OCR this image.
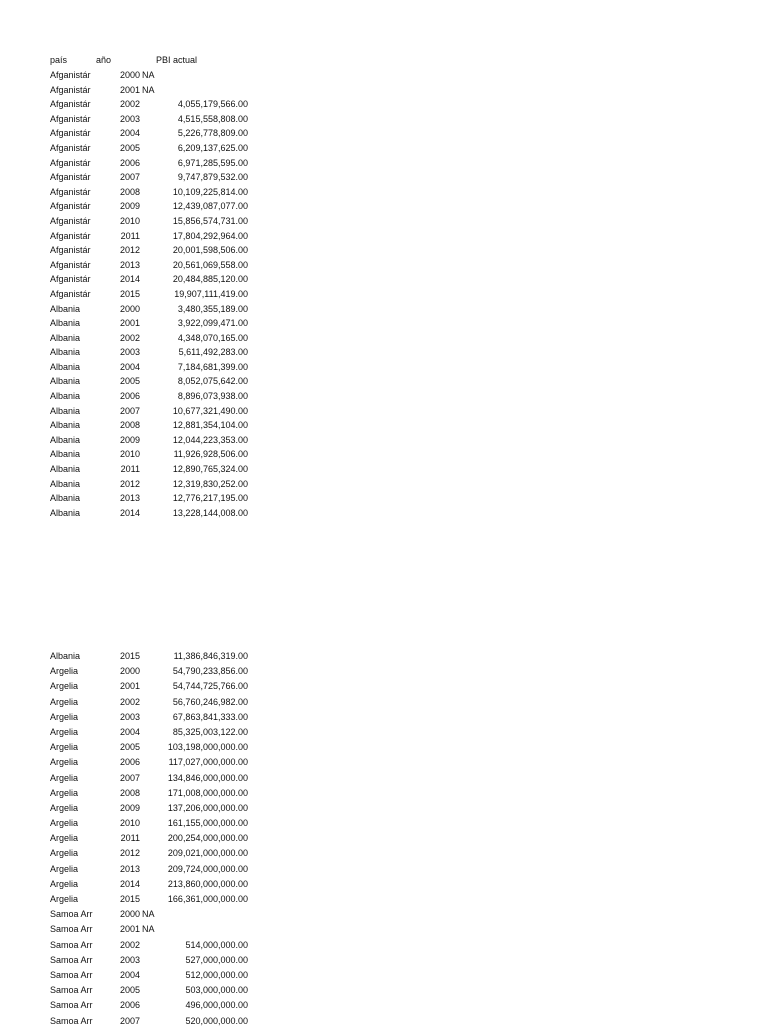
país	año	PBI actual
Afganistár	2000 NA
Afganistár	2001 NA
Afganistár	2002	4,055,179,566.00
Afganistár	2003	4,515,558,808.00
Afganistár	2004	5,226,778,809.00
Afganistár	2005	6,209,137,625.00
Afganistár	2006	6,971,285,595.00
Afganistár	2007	9,747,879,532.00
Afganistár	2008	10,109,225,814.00
Afganistár	2009	12,439,087,077.00
Afganistár	2010	15,856,574,731.00
Afganistár	2011	17,804,292,964.00
Afganistár	2012	20,001,598,506.00
Afganistár	2013	20,561,069,558.00
Afganistár	2014	20,484,885,120.00
Afganistár	2015	19,907,111,419.00
Albania	2000	3,480,355,189.00
Albania	2001	3,922,099,471.00
Albania	2002	4,348,070,165.00
Albania	2003	5,611,492,283.00
Albania	2004	7,184,681,399.00
Albania	2005	8,052,075,642.00
Albania	2006	8,896,073,938.00
Albania	2007	10,677,321,490.00
Albania	2008	12,881,354,104.00
Albania	2009	12,044,223,353.00
Albania	2010	11,926,928,506.00
Albania	2011	12,890,765,324.00
Albania	2012	12,319,830,252.00
Albania	2013	12,776,217,195.00
Albania	2014	13,228,144,008.00
Albania	2015	11,386,846,319.00
Argelia	2000	54,790,233,856.00
Argelia	2001	54,744,725,766.00
Argelia	2002	56,760,246,982.00
Argelia	2003	67,863,841,333.00
Argelia	2004	85,325,003,122.00
Argelia	2005	103,198,000,000.00
Argelia	2006	117,027,000,000.00
Argelia	2007	134,846,000,000.00
Argelia	2008	171,008,000,000.00
Argelia	2009	137,206,000,000.00
Argelia	2010	161,155,000,000.00
Argelia	2011	200,254,000,000.00
Argelia	2012	209,021,000,000.00
Argelia	2013	209,724,000,000.00
Argelia	2014	213,860,000,000.00
Argelia	2015	166,361,000,000.00
Samoa Arr	2000 NA
Samoa Arr	2001 NA
Samoa Arr	2002	514,000,000.00
Samoa Arr	2003	527,000,000.00
Samoa Arr	2004	512,000,000.00
Samoa Arr	2005	503,000,000.00
Samoa Arr	2006	496,000,000.00
Samoa Arr	2007	520,000,000.00
